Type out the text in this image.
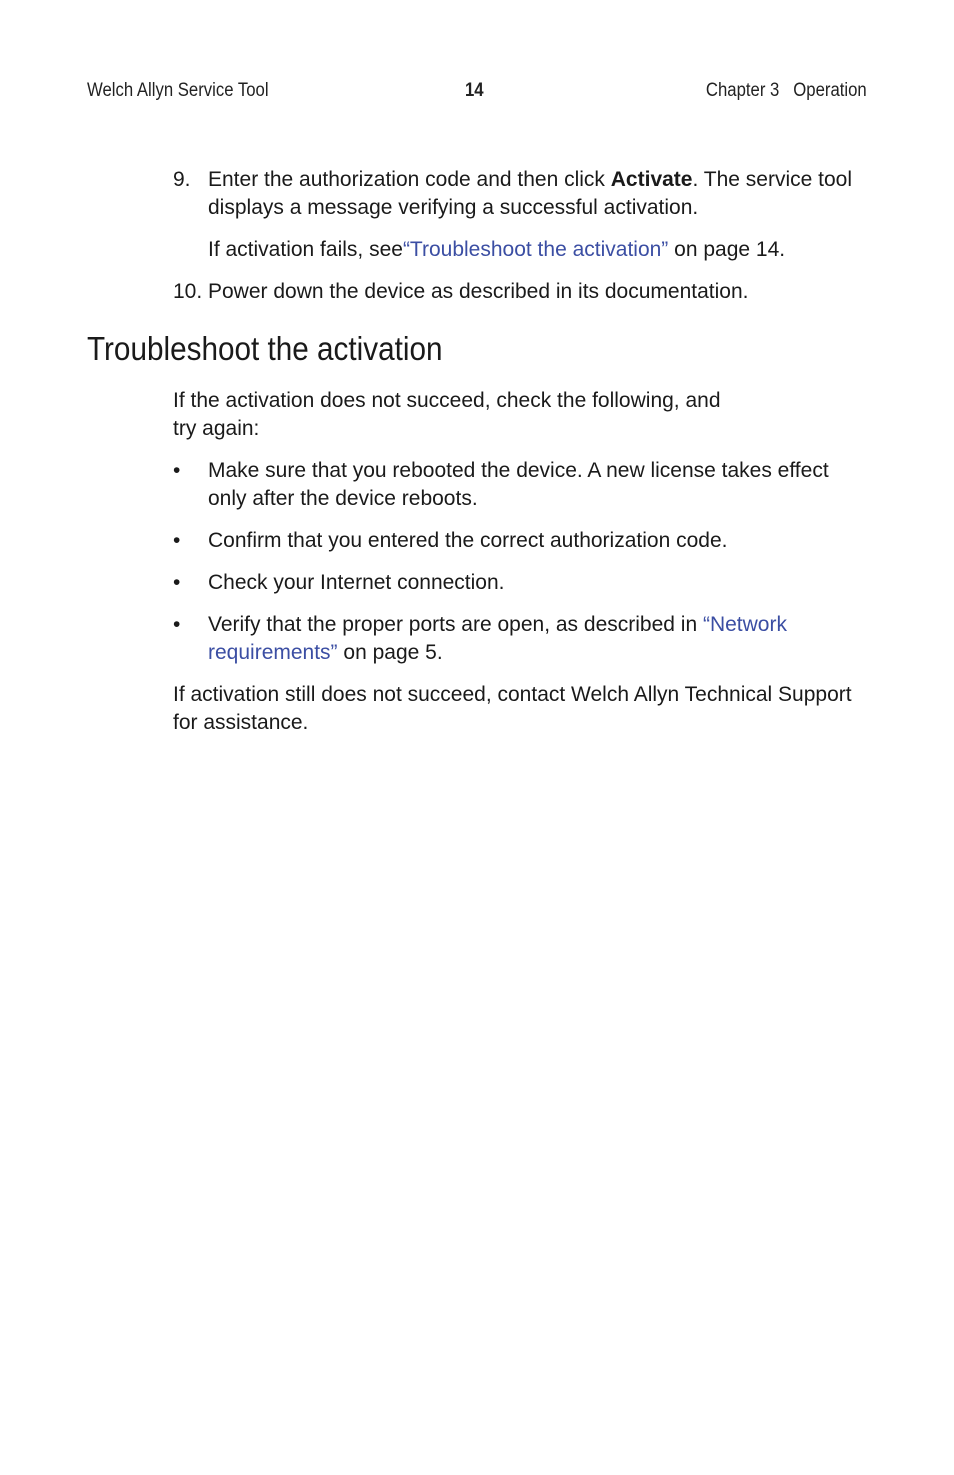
Welch Allyn Service Tool	14	Chapter 3   Operation
9. Enter the authorization code and then click Activate. The service tool displays a message verifying a successful activation.
If activation fails, see“Troubleshoot the activation” on page 14.
10. Power down the device as described in its documentation.
Troubleshoot the activation
If the activation does not succeed, check the following, and
try again:
• Make sure that you rebooted the device. A new license takes effect only after the device reboots.
• Confirm that you entered the correct authorization code.
• Check your Internet connection.
• Verify that the proper ports are open, as described in “Network requirements” on page 5.
If activation still does not succeed, contact Welch Allyn Technical Support for assistance.
